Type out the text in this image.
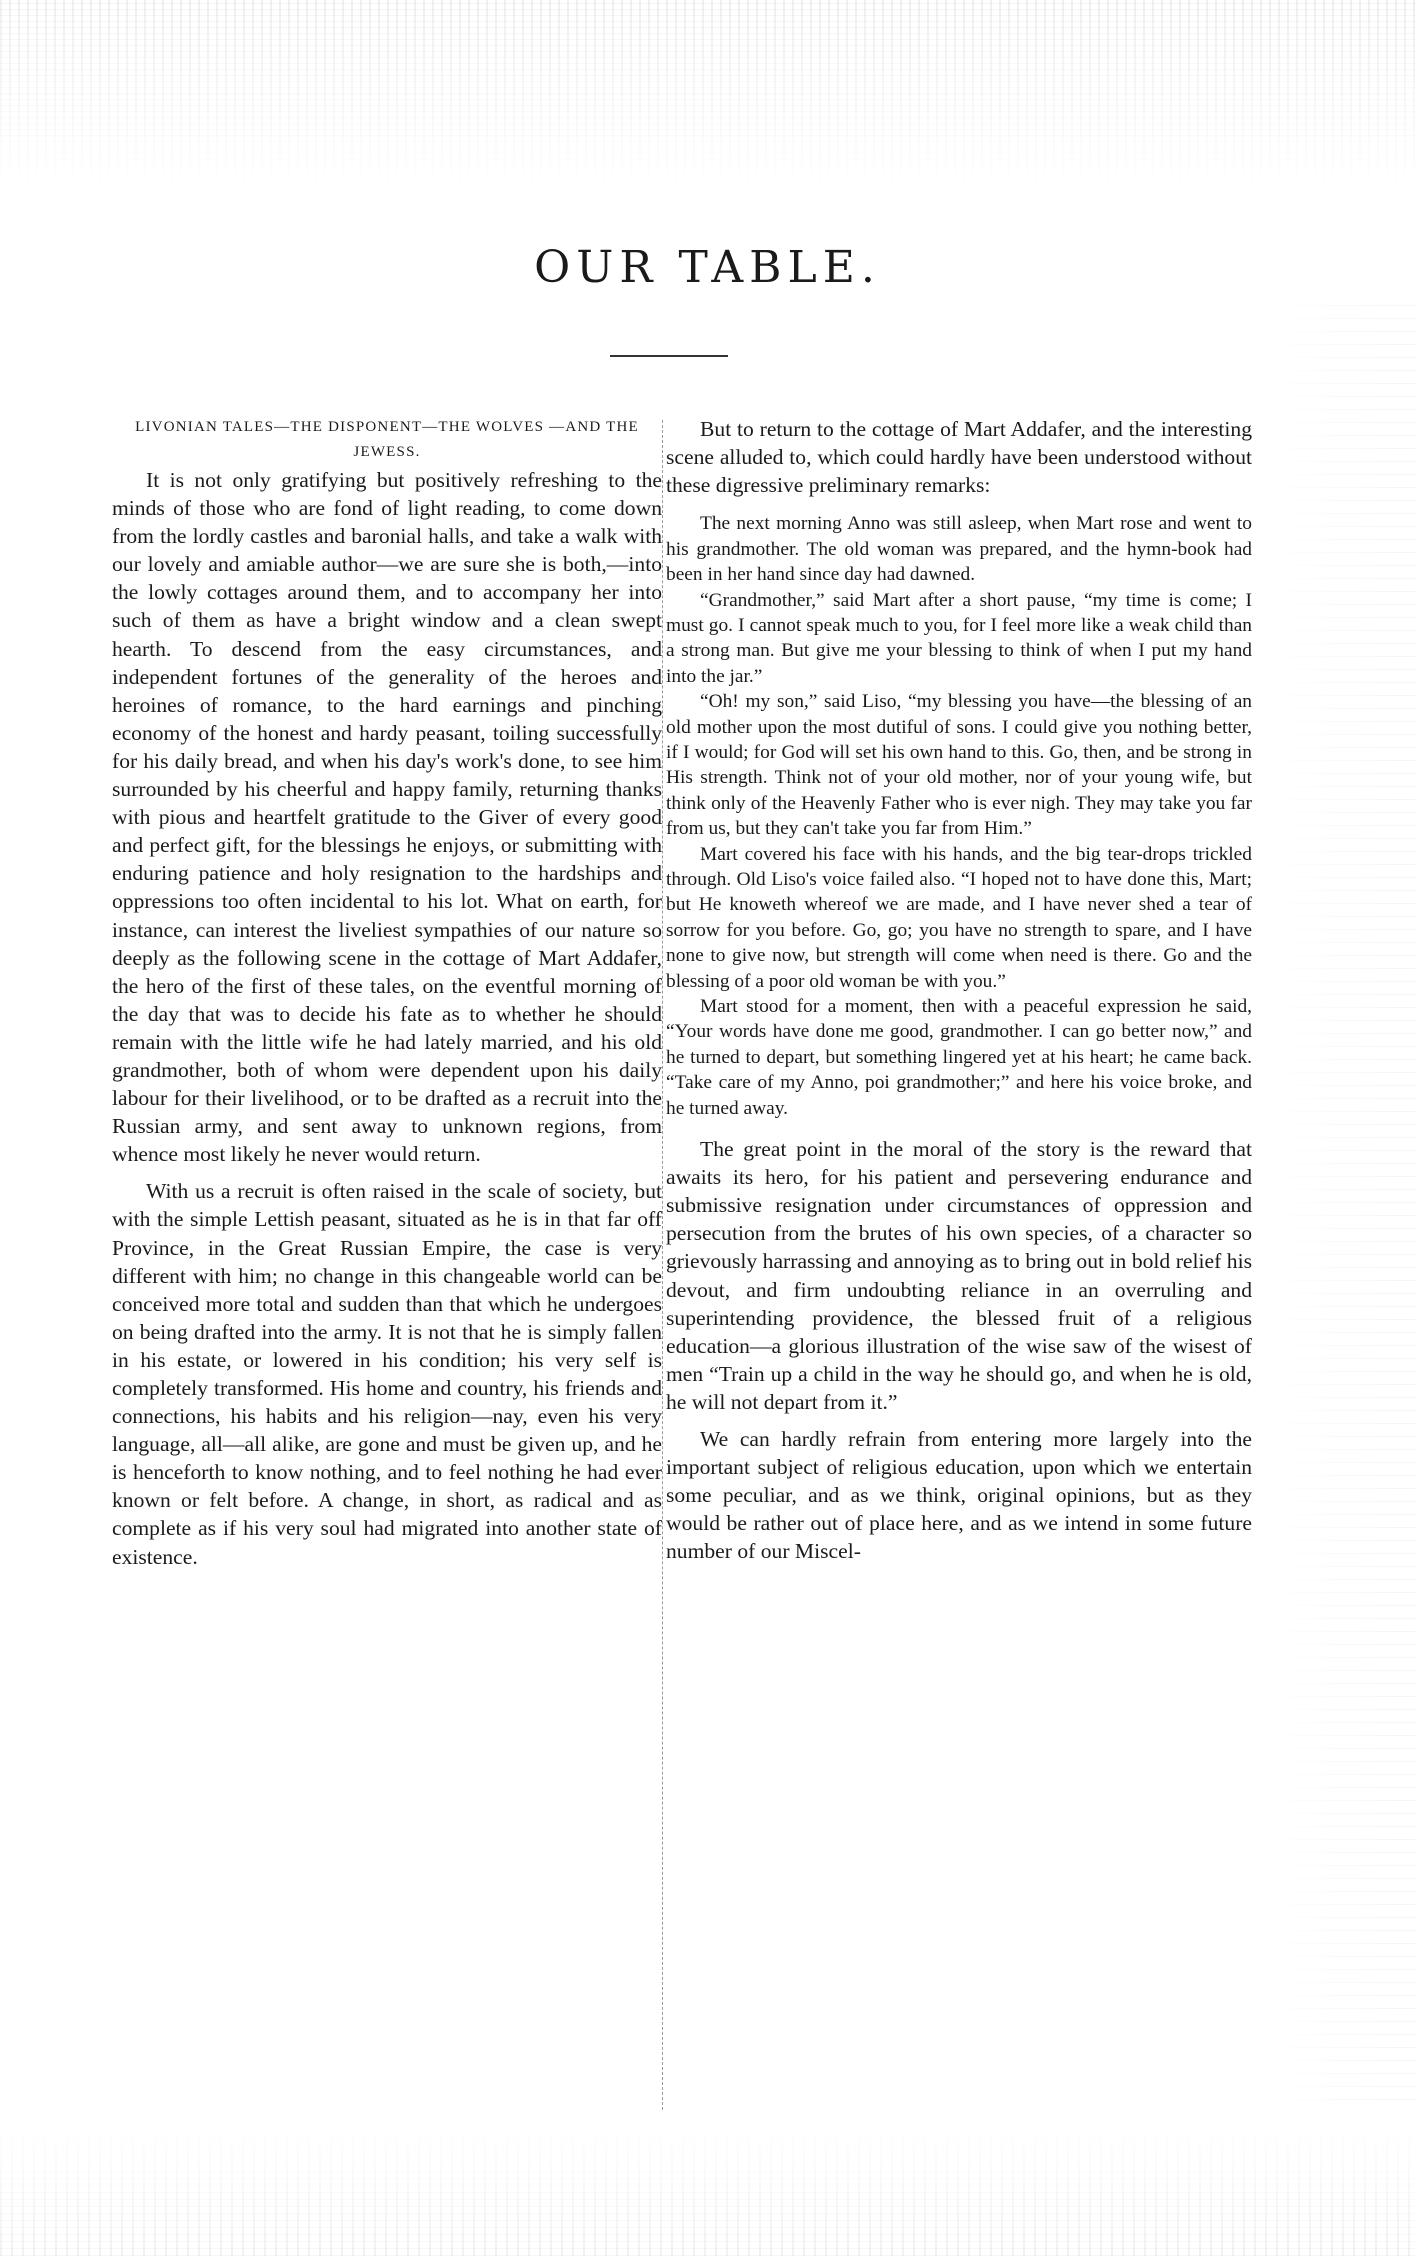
OUR TABLE.

LIVONIAN TALES—THE DISPONENT—THE WOLVES —AND THE JEWESS.

It is not only gratifying but positively refreshing to the minds of those who are fond of light reading, to come down from the lordly castles and baronial halls, and take a walk with our lovely and amiable author—we are sure she is both,—into the lowly cottages around them, and to accompany her into such of them as have a bright window and a clean swept hearth. To descend from the easy circumstances, and independent fortunes of the generality of the heroes and heroines of romance, to the hard earnings and pinching economy of the honest and hardy peasant, toiling successfully for his daily bread, and when his day's work's done, to see him surrounded by his cheerful and happy family, returning thanks with pious and heartfelt gratitude to the Giver of every good and perfect gift, for the blessings he enjoys, or submitting with enduring patience and holy resignation to the hardships and oppressions too often incidental to his lot. What on earth, for instance, can interest the liveliest sympathies of our nature so deeply as the following scene in the cottage of Mart Addafer, the hero of the first of these tales, on the eventful morning of the day that was to decide his fate as to whether he should remain with the little wife he had lately married, and his old grandmother, both of whom were dependent upon his daily labour for their livelihood, or to be drafted as a recruit into the Russian army, and sent away to unknown regions, from whence most likely he never would return.

With us a recruit is often raised in the scale of society, but with the simple Lettish peasant, situated as he is in that far off Province, in the Great Russian Empire, the case is very different with him; no change in this changeable world can be conceived more total and sudden than that which he undergoes on being drafted into the army. It is not that he is simply fallen in his estate, or lowered in his condition; his very self is completely transformed. His home and country, his friends and connections, his habits and his religion—nay, even his very language, all—all alike, are gone and must be given up, and he is henceforth to know nothing, and to feel nothing he had ever known or felt before. A change, in short, as radical and as complete as if his very soul had migrated into another state of existence.

But to return to the cottage of Mart Addafer, and the interesting scene alluded to, which could hardly have been understood without these digressive preliminary remarks:

The next morning Anno was still asleep, when Mart rose and went to his grandmother. The old woman was prepared, and the hymn-book had been in her hand since day had dawned.

“Grandmother,” said Mart after a short pause, “my time is come; I must go. I cannot speak much to you, for I feel more like a weak child than a strong man. But give me your blessing to think of when I put my hand into the jar.”

“Oh! my son,” said Liso, “my blessing you have—the blessing of an old mother upon the most dutiful of sons. I could give you nothing better, if I would; for God will set his own hand to this. Go, then, and be strong in His strength. Think not of your old mother, nor of your young wife, but think only of the Heavenly Father who is ever nigh. They may take you far from us, but they can't take you far from Him.”

Mart covered his face with his hands, and the big tear-drops trickled through. Old Liso's voice failed also. “I hoped not to have done this, Mart; but He knoweth whereof we are made, and I have never shed a tear of sorrow for you before. Go, go; you have no strength to spare, and I have none to give now, but strength will come when need is there. Go and the blessing of a poor old woman be with you.”

Mart stood for a moment, then with a peaceful expression he said, “Your words have done me good, grandmother. I can go better now,” and he turned to depart, but something lingered yet at his heart; he came back. “Take care of my Anno, poi grandmother;” and here his voice broke, and he turned away.

The great point in the moral of the story is the reward that awaits its hero, for his patient and persevering endurance and submissive resignation under circumstances of oppression and persecution from the brutes of his own species, of a character so grievously harrassing and annoying as to bring out in bold relief his devout, and firm undoubting reliance in an overruling and superintending providence, the blessed fruit of a religious education—a glorious illustration of the wise saw of the wisest of men “Train up a child in the way he should go, and when he is old, he will not depart from it.”

We can hardly refrain from entering more largely into the important subject of religious education, upon which we entertain some peculiar, and as we think, original opinions, but as they would be rather out of place here, and as we intend in some future number of our Miscel-
